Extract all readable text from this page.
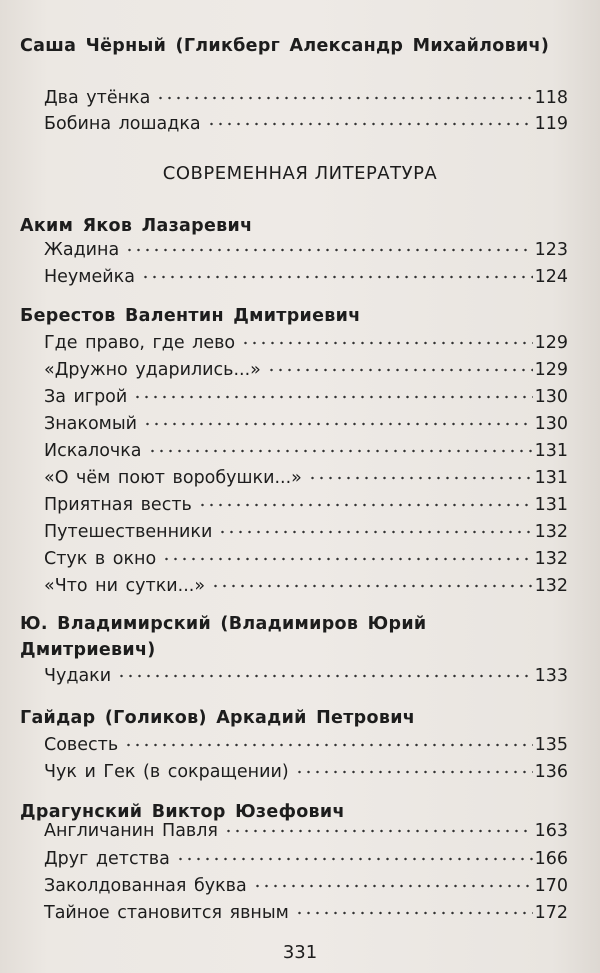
Саша Чёрный (Гликберг Александр Михайлович)
Два утёнка	118
Бобина лошадка	119
СОВРЕМЕННАЯ ЛИТЕРАТУРА
Аким Яков Лазаревич
Жадина	123
Неумейка	124
Берестов Валентин Дмитриевич
Где право, где лево	129
«Дружно ударились...»	129
За игрой	130
Знакомый	130
Искалочка	131
«О чём поют воробушки...»	131
Приятная весть	131
Путешественники	132
Стук в окно	132
«Что ни сутки...»	132
Ю. Владимирский (Владимиров Юрий Дмитриевич)
Чудаки	133
Гайдар (Голиков) Аркадий Петрович
Совесть	135
Чук и Гек (в сокращении)	136
Драгунский Виктор Юзефович
Англичанин Павля	163
Друг детства	166
Заколдованная буква	170
Тайное становится явным	172
331
